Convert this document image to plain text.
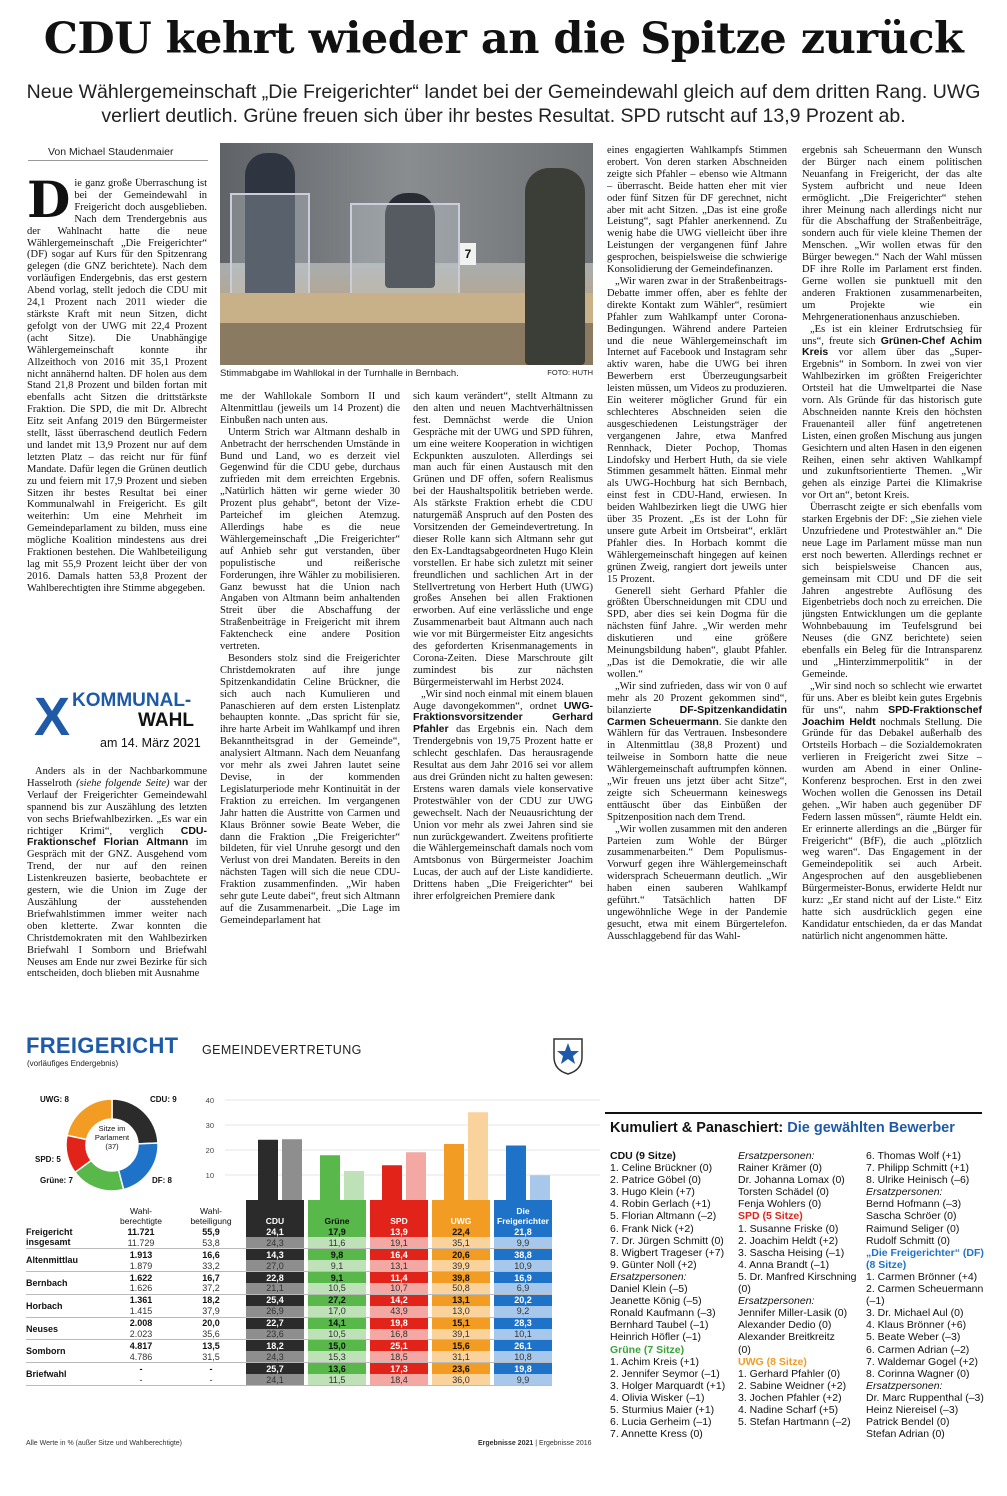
CDU kehrt wieder an die Spitze zurück
Neue Wählergemeinschaft „Die Freigerichter“ landet bei der Gemeindewahl gleich auf dem dritten Rang. UWG verliert deutlich. Grüne freuen sich über ihr bestes Resultat. SPD rutscht auf 13,9 Prozent ab.
Von Michael Staudenmaier

Die ganz große Überraschung ist bei der Gemeindewahl in Freigericht doch ausgeblieben. Nach dem Trendergebnis aus der Wahlnacht hatte die neue Wählergemeinschaft „Die Freigerichter“ (DF) sogar auf Kurs für den Spitzenrang gelegen (die GNZ berichtete). Nach dem vorläufigen Endergebnis, das erst gestern Abend vorlag, stellt jedoch die CDU mit 24,1 Prozent nach 2011 wieder die stärkste Kraft mit neun Sitzen, dicht gefolgt von der UWG mit 22,4 Prozent (acht Sitze). Die Unabhängige Wählergemeinschaft konnte ihr Allzeithoch von 2016 mit 35,1 Prozent nicht annähernd halten. DF holen aus dem Stand 21,8 Prozent und bilden fortan mit ebenfalls acht Sitzen die drittstärkste Fraktion. Die SPD, die mit Dr. Albrecht Eitz seit Anfang 2019 den Bürgermeister stellt, lässt überraschend deutlich Federn und landet mit 13,9 Prozent nur auf dem letzten Platz – das reicht nur für fünf Mandate. Dafür legen die Grünen deutlich zu und feiern mit 17,9 Prozent und sieben Sitzen ihr bestes Resultat bei einer Kommunalwahl in Freigericht. Es gilt weiterhin: Um eine Mehrheit im Gemeindeparlament zu bilden, muss eine mögliche Koalition mindestens aus drei Fraktionen bestehen. Die Wahlbeteiligung lag mit 55,9 Prozent leicht über der von 2016. Damals hatten 53,8 Prozent der Wahlberechtigten ihre Stimme abgegeben.

X KOMMUNAL-
WAHL
am 14. März 2021

Anders als in der Nachbarkommune Hasselroth (siehe folgende Seite) war der Verlauf der Freigerichter Gemeindewahl spannend bis zur Auszählung des letzten von sechs Briefwahlbezirken. „Es war ein richtiger Krimi“, verglich CDU-Fraktionschef Florian Altmann im Gespräch mit der GNZ. Ausgehend vom Trend, der nur auf den reinen Listenkreuzen basierte, beobachtete er gestern, wie die Union im Zuge der Auszählung der ausstehenden Briefwahlstimmen immer weiter nach oben kletterte. Zwar konnten die Christdemokraten mit den Wahlbezirken Briefwahl I Somborn und Briefwahl Neuses am Ende nur zwei Bezirke für sich entscheiden, doch blieben mit Ausnahme

7
Stimmabgabe im Wahllokal in der Turnhalle in Bernbach.	FOTO: HUTH

me der Wahllokale Somborn II und Altenmittlau (jeweils um 14 Prozent) die Einbußen nach unten aus.

Unterm Strich war Altmann deshalb in Anbetracht der herrschenden Umstände in Bund und Land, wo es derzeit viel Gegenwind für die CDU gebe, durchaus zufrieden mit dem erreichten Ergebnis. „Natürlich hätten wir gerne wieder 30 Prozent plus gehabt“, betont der Vize-Parteichef im gleichen Atemzug. Allerdings habe es die neue Wählergemeinschaft „Die Freigerichter“ auf Anhieb sehr gut verstanden, über populistische und reißerische Forderungen, ihre Wähler zu mobilisieren. Ganz bewusst hat die Union nach Angaben von Altmann beim anhaltenden Streit über die Abschaffung der Straßenbeiträge in Freigericht mit ihrem Faktencheck eine andere Position vertreten.

Besonders stolz sind die Freigerichter Christdemokraten auf ihre junge Spitzenkandidatin Celine Brückner, die sich auch nach Kumulieren und Panaschieren auf dem ersten Listenplatz behaupten konnte. „Das spricht für sie, ihre harte Arbeit im Wahlkampf und ihren Bekanntheitsgrad in der Gemeinde“, analysiert Altmann. Nach dem Neuanfang vor mehr als zwei Jahren lautet seine Devise, in der kommenden Legislaturperiode mehr Kontinuität in der Fraktion zu erreichen. Im vergangenen Jahr hatten die Austritte von Carmen und Klaus Brönner sowie Beate Weber, die dann die Fraktion „Die Freigerichter“ bildeten, für viel Unruhe gesorgt und den Verlust von drei Mandaten. Bereits in den nächsten Tagen will sich die neue CDU-Fraktion zusammenfinden. „Wir haben sehr gute Leute dabei“, freut sich Altmann auf die Zusammenarbeit. „Die Lage im Gemeindeparlament hat

sich kaum verändert“, stellt Altmann zu den alten und neuen Machtverhältnissen fest. Demnächst werde die Union Gespräche mit der UWG und SPD führen, um eine weitere Kooperation in wichtigen Eckpunkten auszuloten. Allerdings sei man auch für einen Austausch mit den Grünen und DF offen, sofern Realismus bei der Haushaltspolitik betrieben werde. Als stärkste Fraktion erhebt die CDU naturgemäß Anspruch auf den Posten des Vorsitzenden der Gemeindevertretung. In dieser Rolle kann sich Altmann sehr gut den Ex-Landtagsabgeordneten Hugo Klein vorstellen. Er habe sich zuletzt mit seiner freundlichen und sachlichen Art in der Stellvertretung von Herbert Huth (UWG) großes Ansehen bei allen Fraktionen erworben. Auf eine verlässliche und enge Zusammenarbeit baut Altmann auch nach wie vor mit Bürgermeister Eitz angesichts des geforderten Krisenmanagements in Corona-Zeiten. Diese Marschroute gilt zumindest bis zur nächsten Bürgermeisterwahl im Herbst 2024.

„Wir sind noch einmal mit einem blauen Auge davongekommen“, ordnet UWG-Fraktionsvorsitzender Gerhard Pfahler das Ergebnis ein. Nach dem Trendergebnis von 19,75 Prozent hatte er schlecht geschlafen. Das herausragende Resultat aus dem Jahr 2016 sei vor allem aus drei Gründen nicht zu halten gewesen: Erstens waren damals viele konservative Protestwähler von der CDU zur UWG gewechselt. Nach der Neuausrichtung der Union vor mehr als zwei Jahren sind sie nun zurückgewandert. Zweitens profitierte die Wählergemeinschaft damals noch vom Amtsbonus von Bürgermeister Joachim Lucas, der auch auf der Liste kandidierte. Drittens haben „Die Freigerichter“ bei ihrer erfolgreichen Premiere dank

eines engagierten Wahlkampfs Stimmen erobert. Von deren starken Abschneiden zeigte sich Pfahler – ebenso wie Altmann – überrascht. Beide hatten eher mit vier oder fünf Sitzen für DF gerechnet, nicht aber mit acht Sitzen. „Das ist eine große Leistung“, sagt Pfahler anerkennend. Zu wenig habe die UWG vielleicht über ihre Leistungen der vergangenen fünf Jahre gesprochen, beispielsweise die schwierige Konsolidierung der Gemeindefinanzen.

„Wir waren zwar in der Straßenbeitrags-Debatte immer offen, aber es fehlte der direkte Kontakt zum Wähler“, resümiert Pfahler zum Wahlkampf unter Corona-Bedingungen. Während andere Parteien und die neue Wählergemeinschaft im Internet auf Facebook und Instagram sehr aktiv waren, habe die UWG bei ihren Bewerbern erst Überzeugungsarbeit leisten müssen, um Videos zu produzieren. Ein weiterer möglicher Grund für ein schlechteres Abschneiden seien die ausgeschiedenen Leistungsträger der vergangenen Jahre, etwa Manfred Rennhack, Dieter Pochop, Thomas Lindofsky und Herbert Huth, da sie viele Stimmen gesammelt hätten. Einmal mehr als UWG-Hochburg hat sich Bernbach, einst fest in CDU-Hand, erwiesen. In beiden Wahlbezirken liegt die UWG hier über 35 Prozent. „Es ist der Lohn für unsere gute Arbeit im Ortsbeirat“, erklärt Pfahler dies. In Horbach kommt die Wählergemeinschaft hingegen auf keinen grünen Zweig, rangiert dort jeweils unter 15 Prozent.

Generell sieht Gerhard Pfahler die größten Überschneidungen mit CDU und SPD, aber dies sei kein Dogma für die nächsten fünf Jahre. „Wir werden mehr diskutieren und eine größere Meinungsbildung haben“, glaubt Pfahler. „Das ist die Demokratie, die wir alle wollen.“

„Wir sind zufrieden, dass wir von 0 auf mehr als 20 Prozent gekommen sind“, bilanzierte DF-Spitzenkandidatin Carmen Scheuermann. Sie dankte den Wählern für das Vertrauen. Insbesondere in Altenmittlau (38,8 Prozent) und teilweise in Somborn hatte die neue Wählergemeinschaft auftrumpfen können. „Wir freuen uns jetzt über acht Sitze“, zeigte sich Scheuermann keineswegs enttäuscht über das Einbüßen der Spitzenposition nach dem Trend.

„Wir wollen zusammen mit den anderen Parteien zum Wohle der Bürger zusammenarbeiten.“ Dem Populismus-Vorwurf gegen ihre Wählergemeinschaft widersprach Scheuermann deutlich. „Wir haben einen sauberen Wahlkampf geführt.“ Tatsächlich hatten DF ungewöhnliche Wege in der Pandemie gesucht, etwa mit einem Bürgertelefon. Ausschlaggebend für das Wahl-

ergebnis sah Scheuermann den Wunsch der Bürger nach einem politischen Neuanfang in Freigericht, der das alte System aufbricht und neue Ideen ermöglicht. „Die Freigerichter“ stehen ihrer Meinung nach allerdings nicht nur für die Abschaffung der Straßenbeiträge, sondern auch für viele kleine Themen der Menschen. „Wir wollen etwas für den Bürger bewegen.“ Nach der Wahl müssen DF ihre Rolle im Parlament erst finden. Gerne wollen sie punktuell mit den anderen Fraktionen zusammenarbeiten, um Projekte wie ein Mehrgenerationenhaus anzuschieben.

„Es ist ein kleiner Erdrutschsieg für uns“, freute sich Grünen-Chef Achim Kreis vor allem über das „Super-Ergebnis“ in Somborn. In zwei von vier Wahlbezirken im größten Freigerichter Ortsteil hat die Umweltpartei die Nase vorn. Als Gründe für das historisch gute Abschneiden nannte Kreis den höchsten Frauenanteil aller fünf angetretenen Listen, einen großen Mischung aus jungen Gesichtern und alten Hasen in den eigenen Reihen, einen sehr aktiven Wahlkampf und zukunftsorientierte Themen. „Wir gehen als einzige Partei die Klimakrise vor Ort an“, betont Kreis.

Überrascht zeigte er sich ebenfalls vom starken Ergebnis der DF: „Sie ziehen viele Unzufriedene und Protestwähler an.“ Die neue Lage im Parlament müsse man nun erst noch bewerten. Allerdings rechnet er sich beispielsweise Chancen aus, gemeinsam mit CDU und DF die seit Jahren angestrebte Auflösung des Eigenbetriebs doch noch zu erreichen. Die jüngsten Entwicklungen um die geplante Wohnbebauung im Teufelsgrund bei Neuses (die GNZ berichtete) seien ebenfalls ein Beleg für die Intransparenz und „Hinterzimmerpolitik“ in der Gemeinde.

„Wir sind noch so schlecht wie erwartet für uns. Aber es bleibt kein gutes Ergebnis für uns“, nahm SPD-Fraktionschef Joachim Heldt nochmals Stellung. Die Gründe für das Debakel außerhalb des Ortsteils Horbach – die Sozialdemokraten verlieren in Freigericht zwei Sitze – wurden am Abend in einer Online-Konferenz besprochen. Erst in den zwei Wochen wollen die Genossen ins Detail gehen. „Wir haben auch gegenüber DF Federn lassen müssen“, räumte Heldt ein. Er erinnerte allerdings an die „Bürger für Freigericht“ (BfF), die auch „plötzlich weg waren“. Das Engagement in der Gemeindepolitik sei auch Arbeit. Angesprochen auf den ausgebliebenen Bürgermeister-Bonus, erwiderte Heldt nur kurz: „Er stand nicht auf der Liste.“ Eitz hatte sich ausdrücklich gegen eine Kandidatur entschieden, da er das Mandat natürlich nicht angenommen hätte.

FREIGERICHT GEMEINDEVERTRETUNG
(vorläufiges Endergebnis)
Sitze im
Parlament
(37)
CDU: 9
DF: 8
Grüne: 7
SPD: 5
UWG: 8	40
30
20
10
	Wahl-
berechtigte	Wahl-
beteiligung	CDU		Grüne		SPD		UWG		Die
Freigerichter
Freigericht
insgesamt	11.721	55,9	24,1		17,9		13,9		22,4		21,8
	11.729	53,8	24,3		11,6		19,1		35,1		9,9
Altenmittlau	1.913	16,6	14,3		9,8		16,4		20,6		38,8
	1.879	33,2	27,0		9,1		13,1		39,9		10,9
Bernbach	1.622	16,7	22,8		9,1		11,4		39,8		16,9
	1.626	37,2	21,1		10,5		10,7		50,8		6,9
Horbach	1.361	18,2	25,4		27,2		14,2		13,1		20,2
	1.415	37,9	26,9		17,0		43,9		13,0		9,2
Neuses	2.008	20,0	22,7		14,1		19,8		15,1		28,3
	2.023	35,6	23,6		10,5		16,8		39,1		10,1
Somborn	4.817	13,5	18,2		15,0		25,1		15,6		26,1
	4.786	31,5	24,3		15,3		18,5		31,1		10,8
Briefwahl	-	-	25,7		13,6		17,3		23,6		19,8
	-	-	24,1		11,5		18,4		36,0		9,9
Alle Werte in % (außer Sitze und Wahlberechtigte)	Ergebnisse 2021 | Ergebnisse 2016
Kumuliert & Panaschiert: Die gewählten Bewerber
CDU (9 Sitze)
1. Celine Brückner (0)
2. Patrice Göbel (0)
3. Hugo Klein (+7)
4. Robin Gerlach (+1)
5. Florian Altmann (–2)
6. Frank Nick (+2)
7. Dr. Jürgen Schmitt (0)
8. Wigbert Trageser (+7)
9. Günter Noll (+2)
Ersatzpersonen:
Daniel Klein (–5)
Jeanette König (–5)
Ronald Kaufmann (–3)
Bernhard Taubel (–1)
Heinrich Höfler (–1)
Grüne (7 Sitze)
1. Achim Kreis (+1)
2. Jennifer Seymor (–1)
3. Holger Marquardt (+1)
4. Olivia Wisker (–1)
5. Sturmius Maier (+1)
6. Lucia Gerheim (–1)
7. Annette Kress (0)
Ersatzpersonen:
Rainer Krämer (0)
Dr. Johanna Lomax (0)
Torsten Schädel (0)
Fenja Wohlers (0)
SPD (5 Sitze)
1. Susanne Friske (0)
2. Joachim Heldt (+2)
3. Sascha Heising (–1)
4. Anna Brandt (–1)
5. Dr. Manfred Kirschning
(0)
Ersatzpersonen:
Jennifer Miller-Lasik (0)
Alexander Dedio (0)
Alexander Breitkreitz
(0)
UWG (8 Sitze)
1. Gerhard Pfahler (0)
2. Sabine Weidner (+2)
3. Jochen Pfahler (+2)
4. Nadine Scharf (+5)
5. Stefan Hartmann (–2)
6. Thomas Wolf (+1)
7. Philipp Schmitt (+1)
8. Ulrike Heinisch (–6)
Ersatzpersonen:
Bernd Hofmann (–3)
Sascha Schröer (0)
Raimund Seliger (0)
Rudolf Schmitt (0)
„Die Freigerichter“ (DF)
(8 Sitze)
1. Carmen Brönner (+4)
2. Carmen Scheuermann
(–1)
3. Dr. Michael Aul (0)
4. Klaus Brönner (+6)
5. Beate Weber (–3)
6. Carmen Adrian (–2)
7. Waldemar Gogel (+2)
8. Corinna Wagner (0)
Ersatzpersonen:
Dr. Marc Ruppenthal (–3)
Heinz Niereisel (–3)
Patrick Bendel (0)
Stefan Adrian (0)
